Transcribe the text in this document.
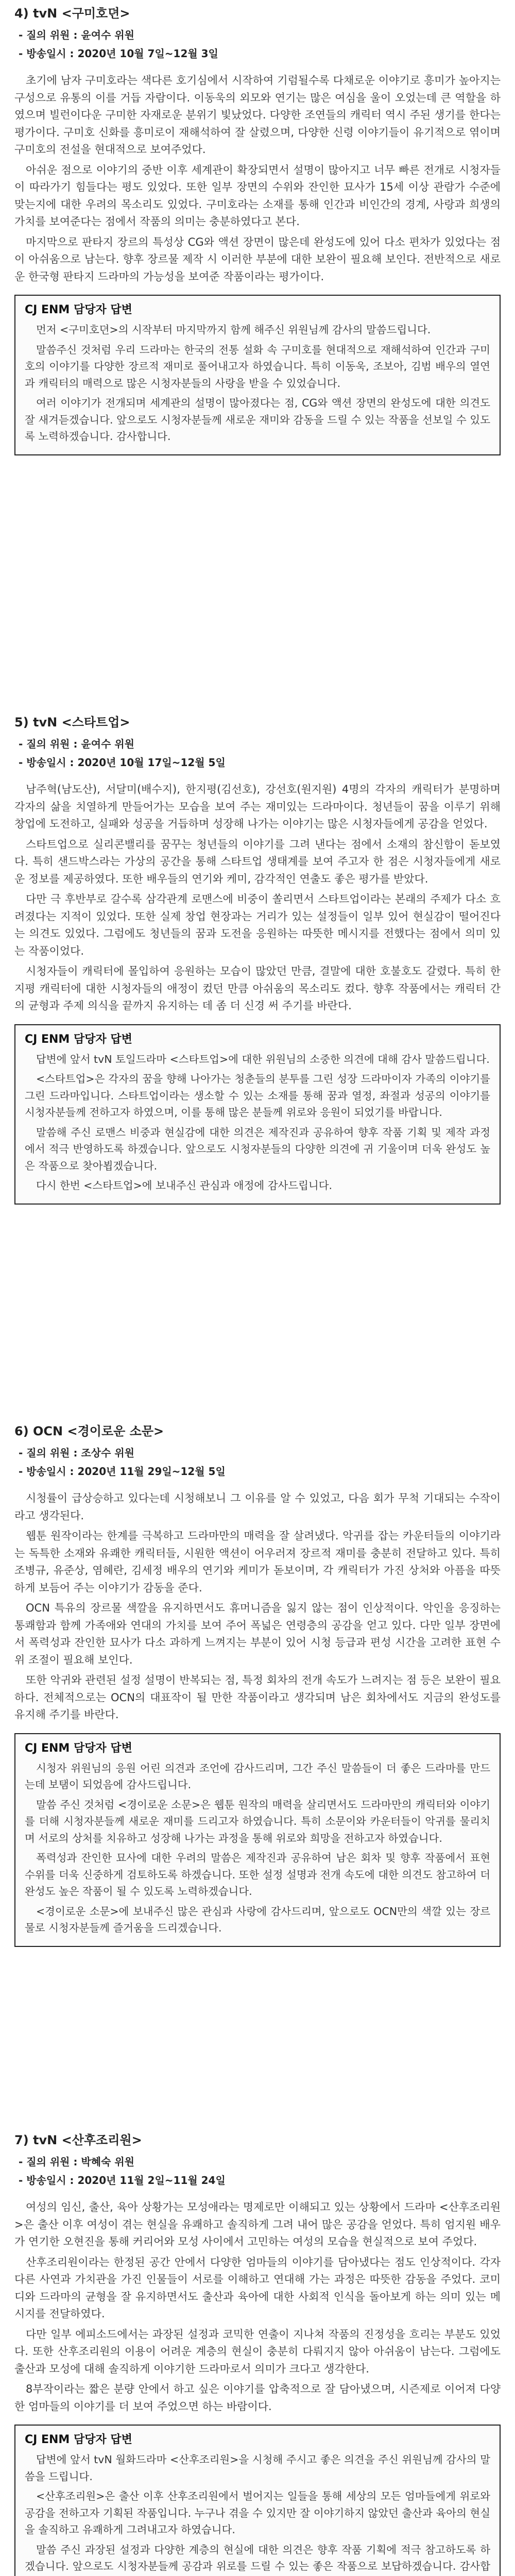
4) tvN <구미호뎐>
- 질의 위원 : 윤여수 위원
- 방송일시 : 2020년 10월 7일~12월 3일

초기에 남자 구미호라는 색다른 호기심에서 시작하여 기럼될수록 다채로운 이야기로 흥미가 높아지는 구성으로 유통의 이를 거듭 자람이다. 이동욱의 외모와 연기는 많은 여심을 울이 오었는데 큰 역할을 하였으며 빌런이다운 구미한 자재로운 분위기 빛났었다. 다양한 조연들의 캐릭터 역시 주된 생기를 한다는 평가이다. 구미호 신화를 흥미로이 재해석하여 잘 살렸으며, 다양한 신령 이야기들이 유기적으로 엮이며 구미호의 전설을 현대적으로 보여주었다.

아쉬운 점으로 이야기의 중반 이후 세계관이 확장되면서 설명이 많아지고 너무 빠른 전개로 시청자들이 따라가기 힘들다는 평도 있었다. 또한 일부 장면의 수위와 잔인한 묘사가 15세 이상 관람가 수준에 맞는지에 대한 우려의 목소리도 있었다. 구미호라는 소재를 통해 인간과 비인간의 경계, 사랑과 희생의 가치를 보여준다는 점에서 작품의 의미는 충분하였다고 본다.

마지막으로 판타지 장르의 특성상 CG와 액션 장면이 많은데 완성도에 있어 다소 편차가 있었다는 점이 아쉬움으로 남는다. 향후 장르물 제작 시 이러한 부분에 대한 보완이 필요해 보인다. 전반적으로 새로운 한국형 판타지 드라마의 가능성을 보여준 작품이라는 평가이다.

CJ ENM 담당자 답변

먼저 <구미호뎐>의 시작부터 마지막까지 함께 해주신 위원님께 감사의 말씀드립니다.

말씀주신 것처럼 우리 드라마는 한국의 전통 설화 속 구미호를 현대적으로 재해석하여 인간과 구미호의 이야기를 다양한 장르적 재미로 풀어내고자 하였습니다. 특히 이동욱, 조보아, 김범 배우의 열연과 캐릭터의 매력으로 많은 시청자분들의 사랑을 받을 수 있었습니다.

여러 이야기가 전개되며 세계관의 설명이 많아졌다는 점, CG와 액션 장면의 완성도에 대한 의견도 잘 새겨듣겠습니다. 앞으로도 시청자분들께 새로운 재미와 감동을 드릴 수 있는 작품을 선보일 수 있도록 노력하겠습니다. 감사합니다.

5) tvN <스타트업>
- 질의 위원 : 윤여수 위원
- 방송일시 : 2020년 10월 17일~12월 5일

남주혁(남도산), 서달미(배수지), 한지평(김선호), 강선호(원지원) 4명의 각자의 캐릭터가 분명하며 각자의 삶을 치열하게 만들어가는 모습을 보여 주는 재미있는 드라마이다. 청년들이 꿈을 이루기 위해 창업에 도전하고, 실패와 성공을 거듭하며 성장해 나가는 이야기는 많은 시청자들에게 공감을 얻었다.

스타트업으로 실리콘밸리를 꿈꾸는 청년들의 이야기를 그려 낸다는 점에서 소재의 참신함이 돋보였다. 특히 샌드박스라는 가상의 공간을 통해 스타트업 생태계를 보여 주고자 한 점은 시청자들에게 새로운 정보를 제공하였다. 또한 배우들의 연기와 케미, 감각적인 연출도 좋은 평가를 받았다.

다만 극 후반부로 갈수록 삼각관계 로맨스에 비중이 쏠리면서 스타트업이라는 본래의 주제가 다소 흐려졌다는 지적이 있었다. 또한 실제 창업 현장과는 거리가 있는 설정들이 일부 있어 현실감이 떨어진다는 의견도 있었다. 그럼에도 청년들의 꿈과 도전을 응원하는 따뜻한 메시지를 전했다는 점에서 의미 있는 작품이었다.

시청자들이 캐릭터에 몰입하여 응원하는 모습이 많았던 만큼, 결말에 대한 호불호도 갈렸다. 특히 한지평 캐릭터에 대한 시청자들의 애정이 컸던 만큼 아쉬움의 목소리도 컸다. 향후 작품에서는 캐릭터 간의 균형과 주제 의식을 끝까지 유지하는 데 좀 더 신경 써 주기를 바란다.

CJ ENM 담당자 답변

답변에 앞서 tvN 토일드라마 <스타트업>에 대한 위원님의 소중한 의견에 대해 감사 말씀드립니다.

<스타트업>은 각자의 꿈을 향해 나아가는 청춘들의 분투를 그린 성장 드라마이자 가족의 이야기를 그린 드라마입니다. 스타트업이라는 생소할 수 있는 소재를 통해 꿈과 열정, 좌절과 성공의 이야기를 시청자분들께 전하고자 하였으며, 이를 통해 많은 분들께 위로와 응원이 되었기를 바랍니다.

말씀해 주신 로맨스 비중과 현실감에 대한 의견은 제작진과 공유하여 향후 작품 기획 및 제작 과정에서 적극 반영하도록 하겠습니다. 앞으로도 시청자분들의 다양한 의견에 귀 기울이며 더욱 완성도 높은 작품으로 찾아뵙겠습니다.

다시 한번 <스타트업>에 보내주신 관심과 애정에 감사드립니다.

6) OCN <경이로운 소문>
- 질의 위원 : 조상수 위원
- 방송일시 : 2020년 11월 29일~12월 5일

시청률이 급상승하고 있다는데 시청해보니 그 이유를 알 수 있었고, 다음 회가 무척 기대되는 수작이라고 생각된다.

웹툰 원작이라는 한계를 극복하고 드라마만의 매력을 잘 살려냈다. 악귀를 잡는 카운터들의 이야기라는 독특한 소재와 유쾌한 캐릭터들, 시원한 액션이 어우러져 장르적 재미를 충분히 전달하고 있다. 특히 조병규, 유준상, 염혜란, 김세정 배우의 연기와 케미가 돋보이며, 각 캐릭터가 가진 상처와 아픔을 따뜻하게 보듬어 주는 이야기가 감동을 준다.

OCN 특유의 장르물 색깔을 유지하면서도 휴머니즘을 잃지 않는 점이 인상적이다. 악인을 응징하는 통쾌함과 함께 가족애와 연대의 가치를 보여 주어 폭넓은 연령층의 공감을 얻고 있다. 다만 일부 장면에서 폭력성과 잔인한 묘사가 다소 과하게 느껴지는 부분이 있어 시청 등급과 편성 시간을 고려한 표현 수위 조절이 필요해 보인다.

또한 악귀와 관련된 설정 설명이 반복되는 점, 특정 회차의 전개 속도가 느려지는 점 등은 보완이 필요하다. 전체적으로는 OCN의 대표작이 될 만한 작품이라고 생각되며 남은 회차에서도 지금의 완성도를 유지해 주기를 바란다.

CJ ENM 담당자 답변

시청자 위원님의 응원 어린 의견과 조언에 감사드리며, 그간 주신 말씀들이 더 좋은 드라마를 만드는데 보탬이 되었음에 감사드립니다.

말씀 주신 것처럼 <경이로운 소문>은 웹툰 원작의 매력을 살리면서도 드라마만의 캐릭터와 이야기를 더해 시청자분들께 새로운 재미를 드리고자 하였습니다. 특히 소문이와 카운터들이 악귀를 물리치며 서로의 상처를 치유하고 성장해 나가는 과정을 통해 위로와 희망을 전하고자 하였습니다.

폭력성과 잔인한 묘사에 대한 우려의 말씀은 제작진과 공유하여 남은 회차 및 향후 작품에서 표현 수위를 더욱 신중하게 검토하도록 하겠습니다. 또한 설정 설명과 전개 속도에 대한 의견도 참고하여 더 완성도 높은 작품이 될 수 있도록 노력하겠습니다.

<경이로운 소문>에 보내주신 많은 관심과 사랑에 감사드리며, 앞으로도 OCN만의 색깔 있는 장르물로 시청자분들께 즐거움을 드리겠습니다.

7) tvN <산후조리원>
- 질의 위원 : 박혜숙 위원
- 방송일시 : 2020년 11월 2일~11월 24일

여성의 임신, 출산, 육아 상황가는 모성애라는 명제로만 이해되고 있는 상황에서 드라마 <산후조리원>은 출산 이후 여성이 겪는 현실을 유쾌하고 솔직하게 그려 내어 많은 공감을 얻었다. 특히 엄지원 배우가 연기한 오현진을 통해 커리어와 모성 사이에서 고민하는 여성의 모습을 현실적으로 보여 주었다.

산후조리원이라는 한정된 공간 안에서 다양한 엄마들의 이야기를 담아냈다는 점도 인상적이다. 각자 다른 사연과 가치관을 가진 인물들이 서로를 이해하고 연대해 가는 과정은 따뜻한 감동을 주었다. 코미디와 드라마의 균형을 잘 유지하면서도 출산과 육아에 대한 사회적 인식을 돌아보게 하는 의미 있는 메시지를 전달하였다.

다만 일부 에피소드에서는 과장된 설정과 코믹한 연출이 지나쳐 작품의 진정성을 흐리는 부분도 있었다. 또한 산후조리원의 이용이 어려운 계층의 현실이 충분히 다뤄지지 않아 아쉬움이 남는다. 그럼에도 출산과 모성에 대해 솔직하게 이야기한 드라마로서 의미가 크다고 생각한다.

8부작이라는 짧은 분량 안에서 하고 싶은 이야기를 압축적으로 잘 담아냈으며, 시즌제로 이어져 다양한 엄마들의 이야기를 더 보여 주었으면 하는 바람이다.

CJ ENM 담당자 답변

답변에 앞서 tvN 월화드라마 <산후조리원>을 시청해 주시고 좋은 의견을 주신 위원님께 감사의 말씀을 드립니다.

<산후조리원>은 출산 이후 산후조리원에서 벌어지는 일들을 통해 세상의 모든 엄마들에게 위로와 공감을 전하고자 기획된 작품입니다. 누구나 겪을 수 있지만 잘 이야기하지 않았던 출산과 육아의 현실을 솔직하고 유쾌하게 그려내고자 하였습니다.

말씀 주신 과장된 설정과 다양한 계층의 현실에 대한 의견은 향후 작품 기획에 적극 참고하도록 하겠습니다. 앞으로도 시청자분들께 공감과 위로를 드릴 수 있는 좋은 작품으로 보답하겠습니다. 감사합
